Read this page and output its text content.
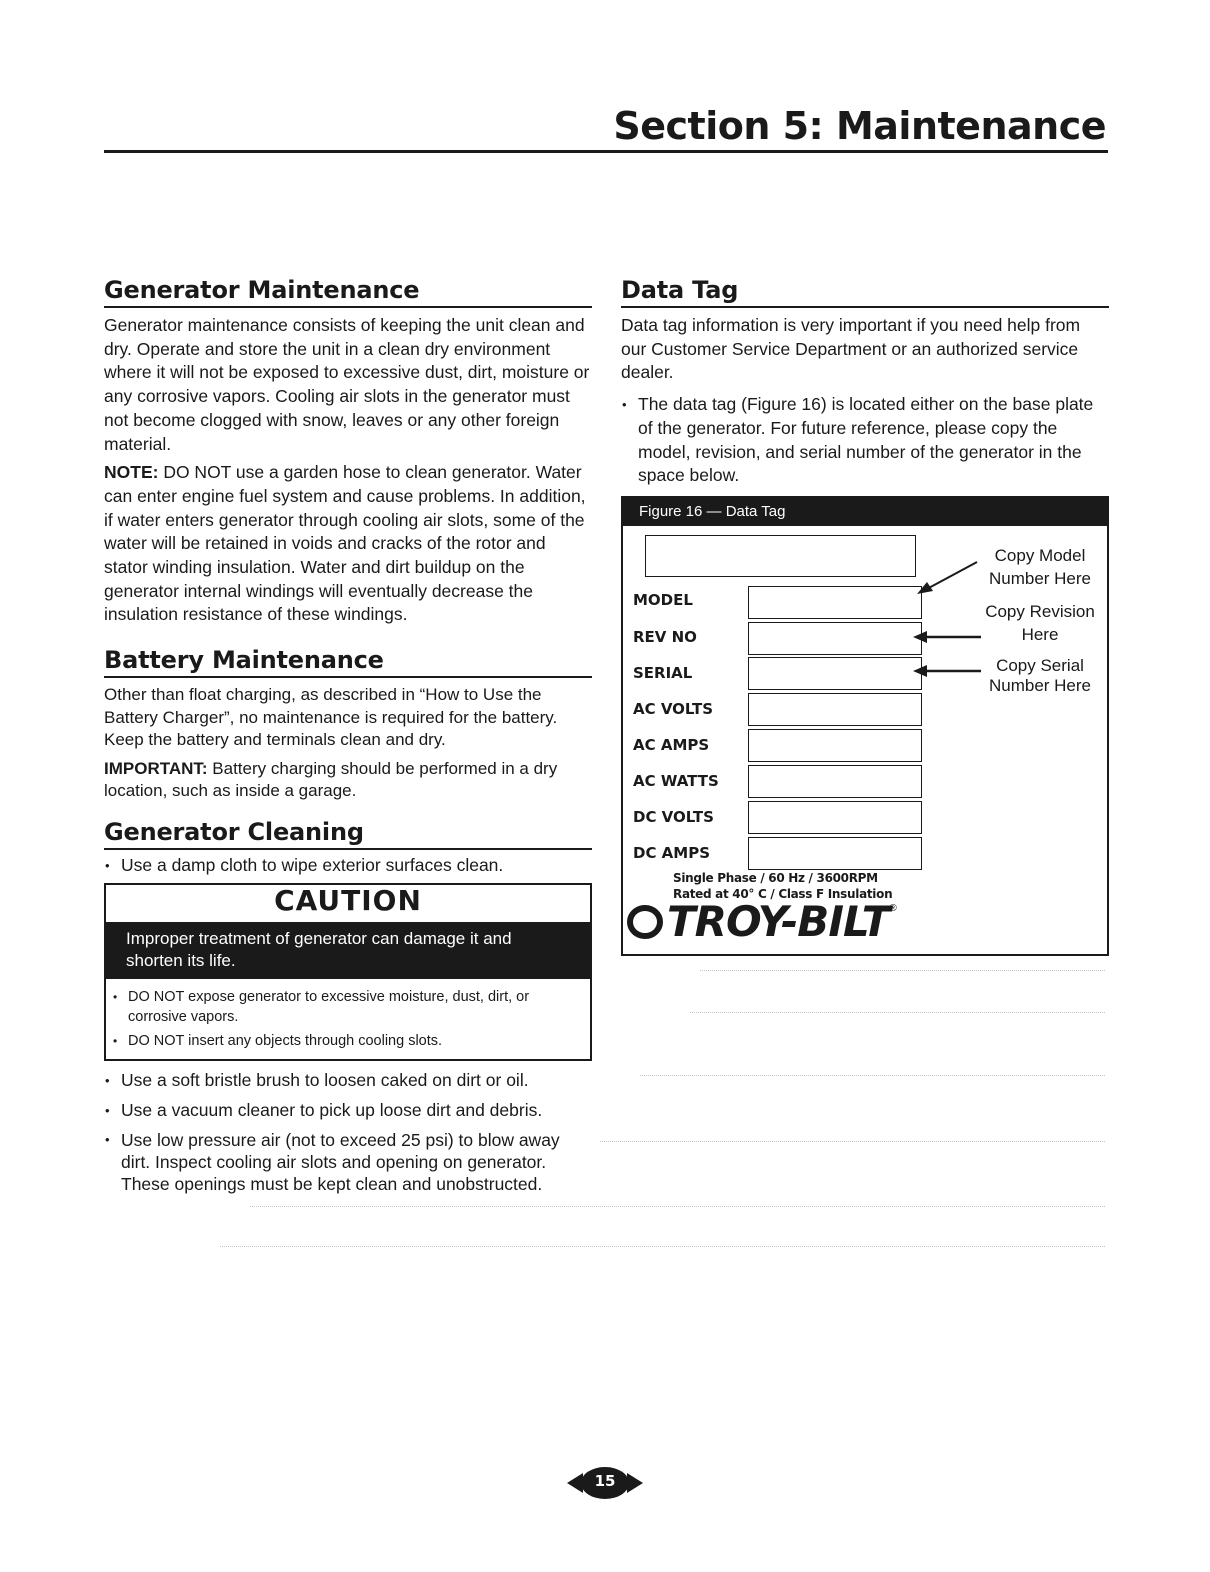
Section 5: Maintenance
Generator Maintenance

Generator maintenance consists of keeping the unit clean and dry. Operate and store the unit in a clean dry environment where it will not be exposed to excessive dust, dirt, moisture or any corrosive vapors. Cooling air slots in the generator must not become clogged with snow, leaves or any other foreign material.

NOTE: DO NOT use a garden hose to clean generator. Water can enter engine fuel system and cause problems. In addition, if water enters generator through cooling air slots, some of the water will be retained in voids and cracks of the rotor and stator winding insulation. Water and dirt buildup on the generator internal windings will eventually decrease the insulation resistance of these windings.

Battery Maintenance

Other than float charging, as described in “How to Use the Battery Charger”, no maintenance is required for the battery. Keep the battery and terminals clean and dry.

IMPORTANT: Battery charging should be performed in a dry location, such as inside a garage.

Generator Cleaning
• Use a damp cloth to wipe exterior surfaces clean.
CAUTION
Improper treatment of generator can damage it and shorten its life.
• DO NOT expose generator to excessive moisture, dust, dirt, or corrosive vapors.
• DO NOT insert any objects through cooling slots.
• Use a soft bristle brush to loosen caked on dirt or oil.
• Use a vacuum cleaner to pick up loose dirt and debris.
• Use low pressure air (not to exceed 25 psi) to blow away dirt. Inspect cooling air slots and opening on generator. These openings must be kept clean and unobstructed.
Data Tag

Data tag information is very important if you need help from our Customer Service Department or an authorized service dealer.

• The data tag (Figure 16) is located either on the base plate of the generator. For future reference, please copy the model, revision, and serial number of the generator in the space below.
Figure 16 — Data Tag
MODEL
REV NO
SERIAL
AC VOLTS
AC AMPS
AC WATTS
DC VOLTS
DC AMPS
Single Phase / 60 Hz / 3600RPM
Rated at 40° C / Class F Insulation
TROY-BILT ®
Copy Model
Number Here
Copy Revision
Here
Copy Serial
Number Here
15
